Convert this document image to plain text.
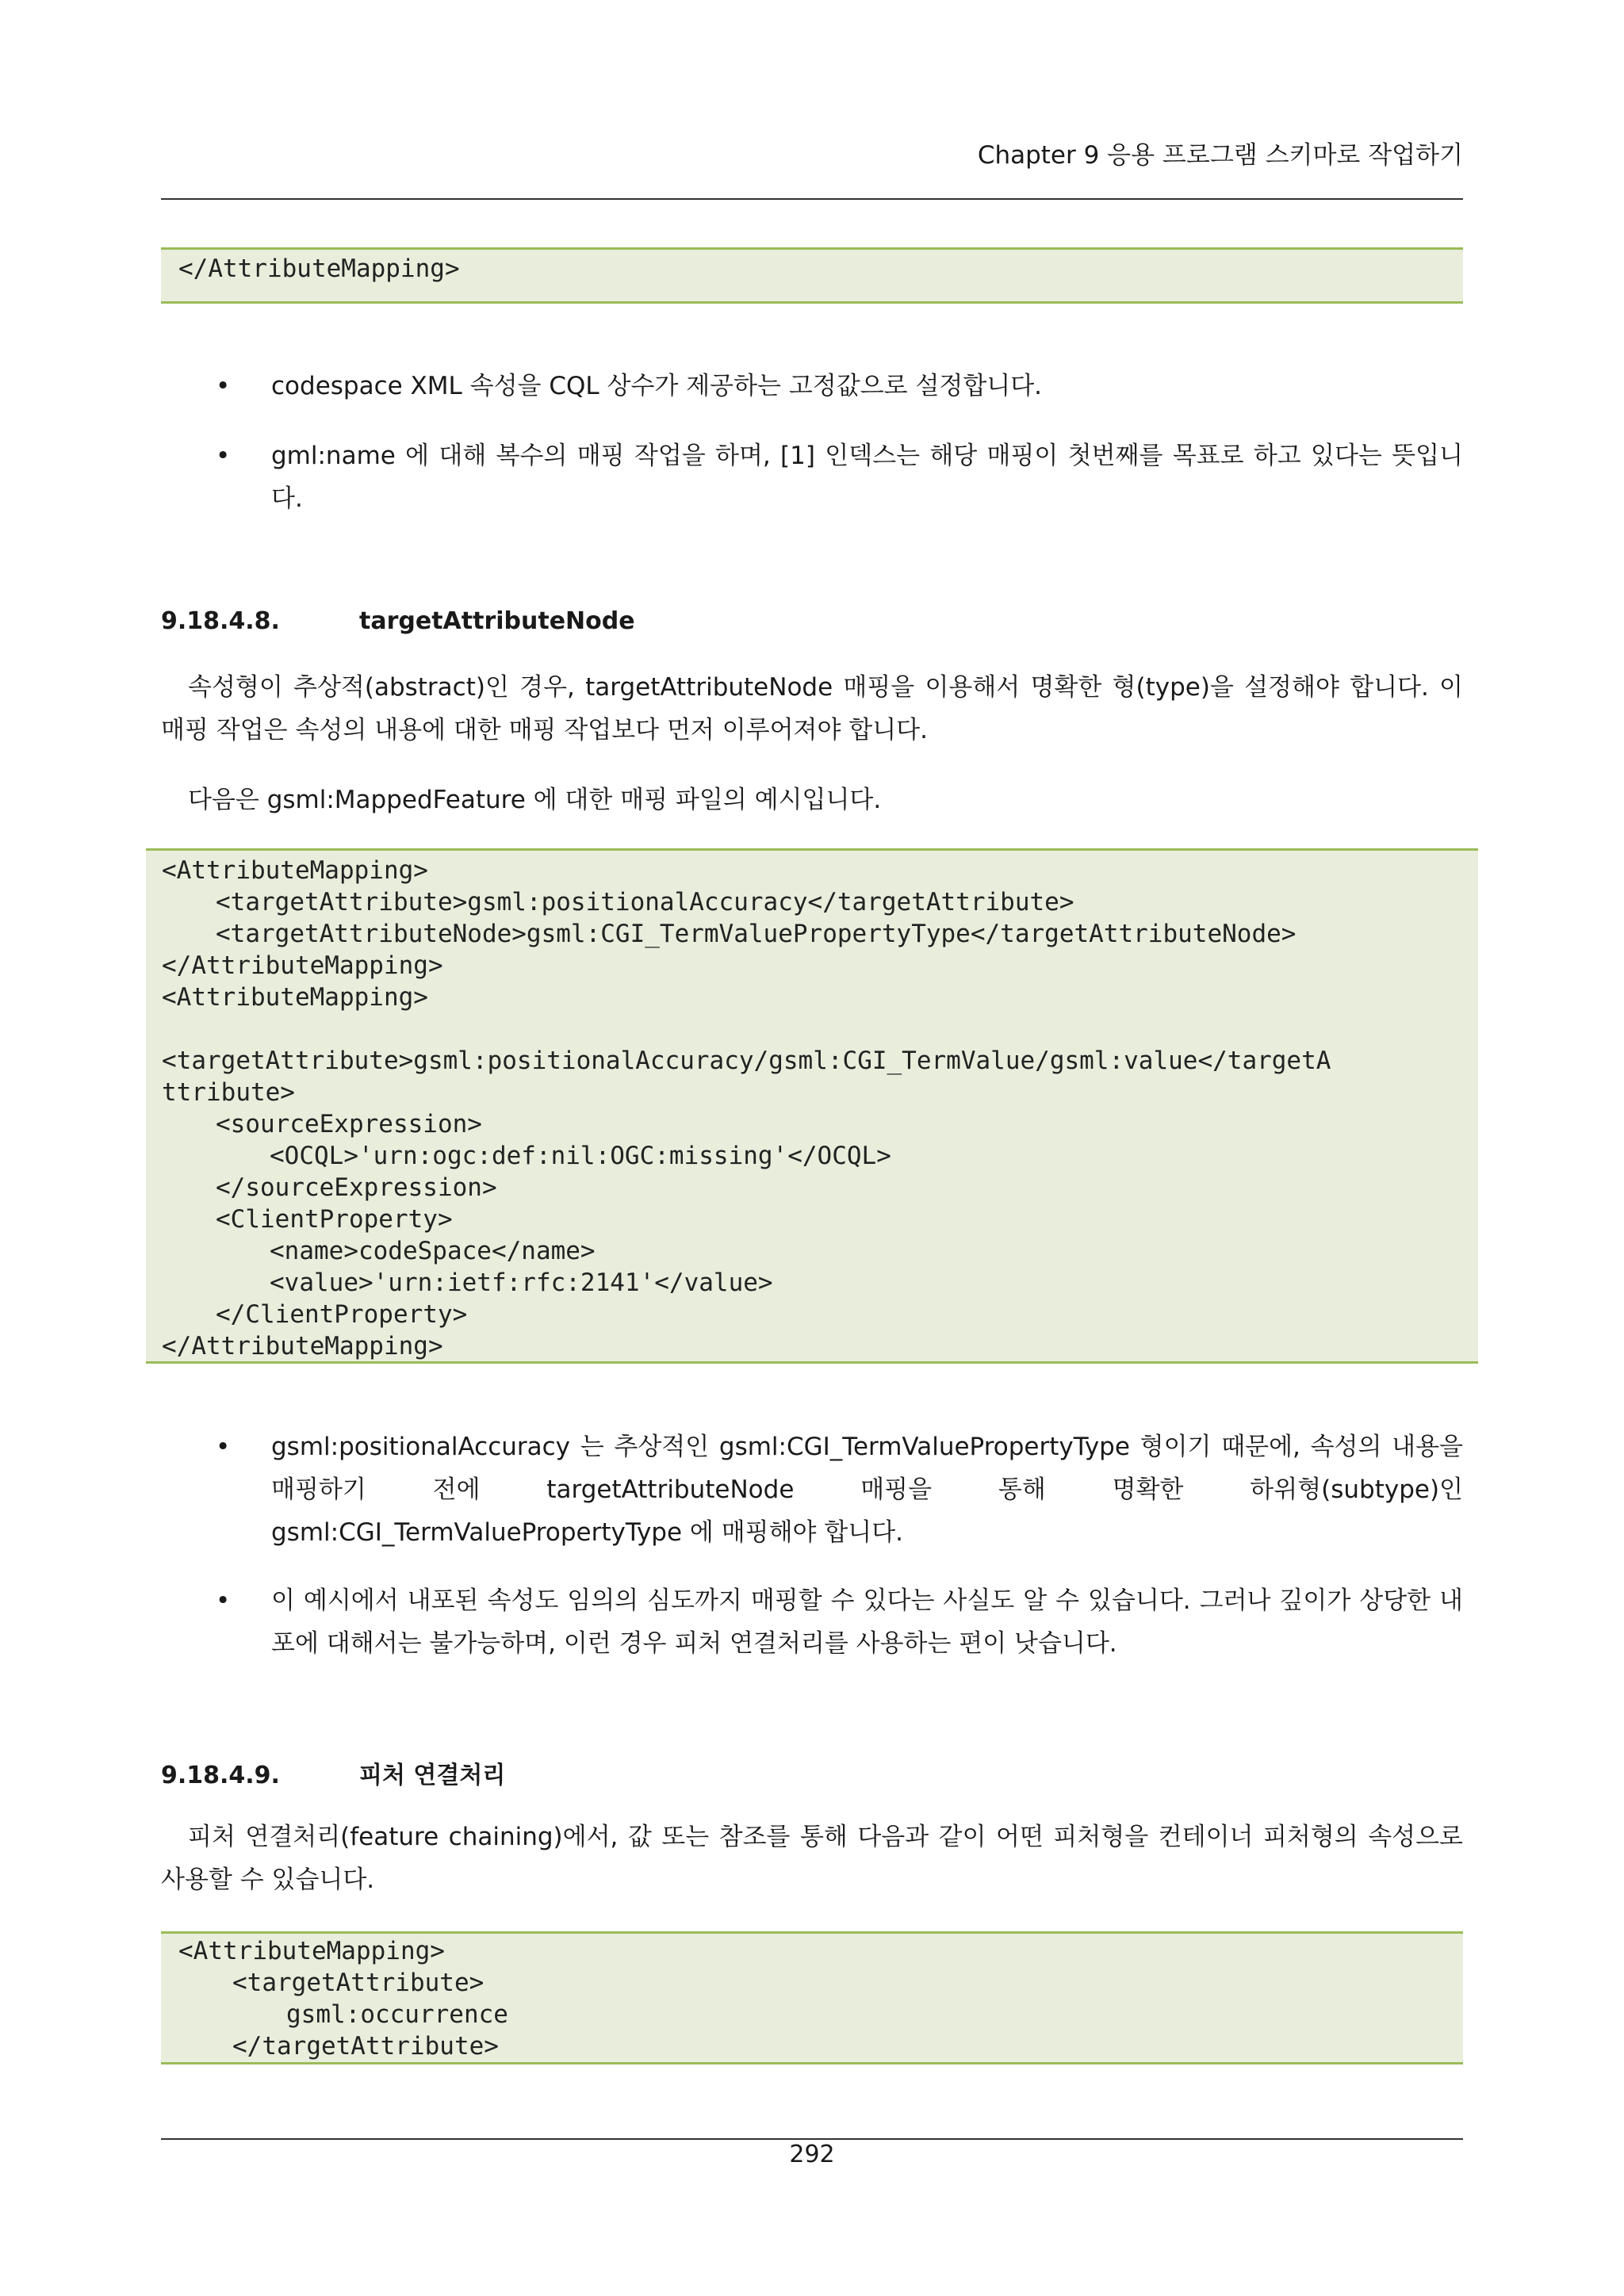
Chapter 9 응용 프로그램 스키마로 작업하기
</AttributeMapping>
• codespace XML 속성을 CQL 상수가 제공하는 고정값으로 설정합니다.
• gml:name 에 대해 복수의 매핑 작업을 하며, [1] 인덱스는 해당 매핑이 첫번째를 목표로 하고 있다는 뜻입니다.
9.18.4.8.	targetAttributeNode
속성형이 추상적(abstract)인 경우, targetAttributeNode 매핑을 이용해서 명확한 형(type)을 설정해야 합니다. 이 매핑 작업은 속성의 내용에 대한 매핑 작업보다 먼저 이루어져야 합니다.
다음은 gsml:MappedFeature 에 대한 매핑 파일의 예시입니다.
<AttributeMapping>
<targetAttribute>gsml:positionalAccuracy</targetAttribute>
<targetAttributeNode>gsml:CGI_TermValuePropertyType</targetAttributeNode>
</AttributeMapping>
<AttributeMapping>
<targetAttribute>gsml:positionalAccuracy/gsml:CGI_TermValue/gsml:value</targetA
ttribute>
<sourceExpression>
<OCQL>'urn:ogc:def:nil:OGC:missing'</OCQL>
</sourceExpression>
<ClientProperty>
<name>codeSpace</name>
<value>'urn:ietf:rfc:2141'</value>
</ClientProperty>
</AttributeMapping>
• gsml:positionalAccuracy 는 추상적인 gsml:CGI_TermValuePropertyType 형이기 때문에, 속성의 내용을 매핑하기 전에 targetAttributeNode 매핑을 통해 명확한 하위형(subtype)인 gsml:CGI_TermValuePropertyType 에 매핑해야 합니다.
• 이 예시에서 내포된 속성도 임의의 심도까지 매핑할 수 있다는 사실도 알 수 있습니다. 그러나 깊이가 상당한 내포에 대해서는 불가능하며, 이런 경우 피처 연결처리를 사용하는 편이 낫습니다.
9.18.4.9.	피처 연결처리
피처 연결처리(feature chaining)에서, 값 또는 참조를 통해 다음과 같이 어떤 피처형을 컨테이너 피처형의 속성으로 사용할 수 있습니다.
<AttributeMapping>
<targetAttribute>
gsml:occurrence
</targetAttribute>
292
